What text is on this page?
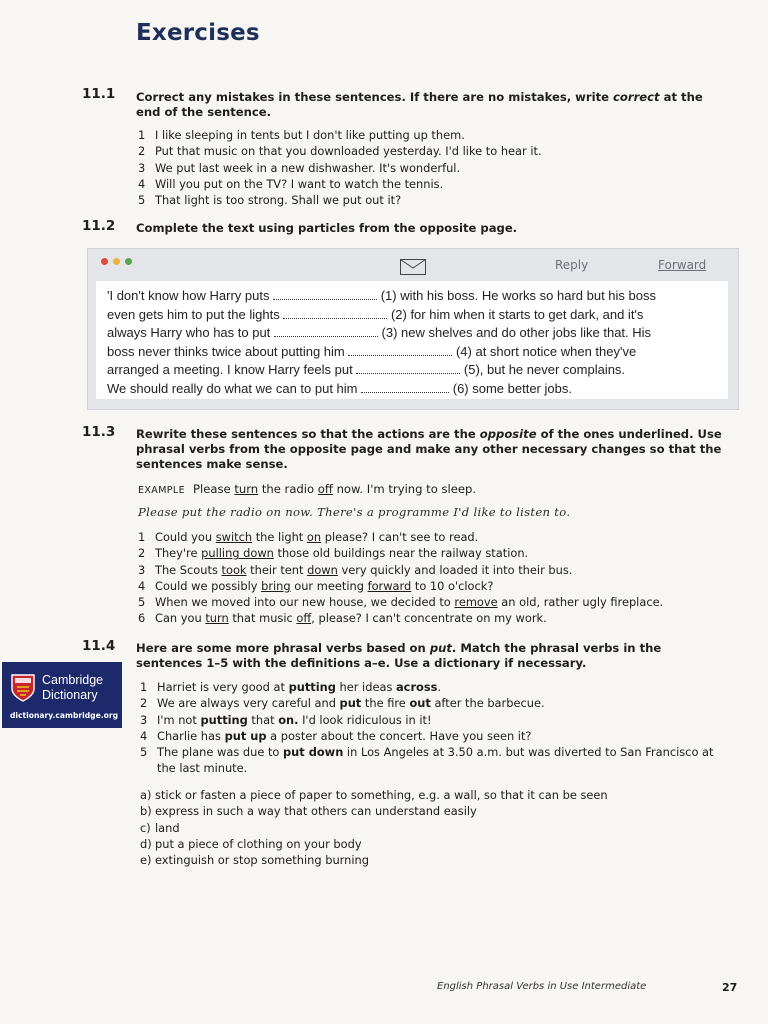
Exercises
11.1 Correct any mistakes in these sentences. If there are no mistakes, write correct at the end of the sentence.
1 I like sleeping in tents but I don't like putting up them.
2 Put that music on that you downloaded yesterday. I'd like to hear it.
3 We put last week in a new dishwasher. It's wonderful.
4 Will you put on the TV? I want to watch the tennis.
5 That light is too strong. Shall we put out it?
11.2 Complete the text using particles from the opposite page.
Reply	Forward
'I don't know how Harry puts	(1) with his boss. He works so hard but his boss
even gets him to put the lights	(2) for him when it starts to get dark, and it's
always Harry who has to put	(3) new shelves and do other jobs like that. His
boss never thinks twice about putting him	(4) at short notice when they've
arranged a meeting. I know Harry feels put	(5), but he never complains.
We should really do what we can to put him	(6) some better jobs.
11.3 Rewrite these sentences so that the actions are the opposite of the ones underlined. Use phrasal verbs from the opposite page and make any other necessary changes so that the sentences make sense.
EXAMPLE Please turn the radio off now. I'm trying to sleep.
Please put the radio on now. There's a programme I'd like to listen to.
1 Could you switch the light on please? I can't see to read.
2 They're pulling down those old buildings near the railway station.
3 The Scouts took their tent down very quickly and loaded it into their bus.
4 Could we possibly bring our meeting forward to 10 o'clock?
5 When we moved into our new house, we decided to remove an old, rather ugly fireplace.
6 Can you turn that music off, please? I can't concentrate on my work.
Cambridge
Dictionary
dictionary.cambridge.org
11.4 Here are some more phrasal verbs based on put. Match the phrasal verbs in the sentences 1–5 with the definitions a–e. Use a dictionary if necessary.
1 Harriet is very good at putting her ideas across.
2 We are always very careful and put the fire out after the barbecue.
3 I'm not putting that on. I'd look ridiculous in it!
4 Charlie has put up a poster about the concert. Have you seen it?
5 The plane was due to put down in Los Angeles at 3.50 a.m. but was diverted to San Francisco at the last minute.
a) stick or fasten a piece of paper to something, e.g. a wall, so that it can be seen
b) express in such a way that others can understand easily
c) land
d) put a piece of clothing on your body
e) extinguish or stop something burning
English Phrasal Verbs in Use Intermediate	27
